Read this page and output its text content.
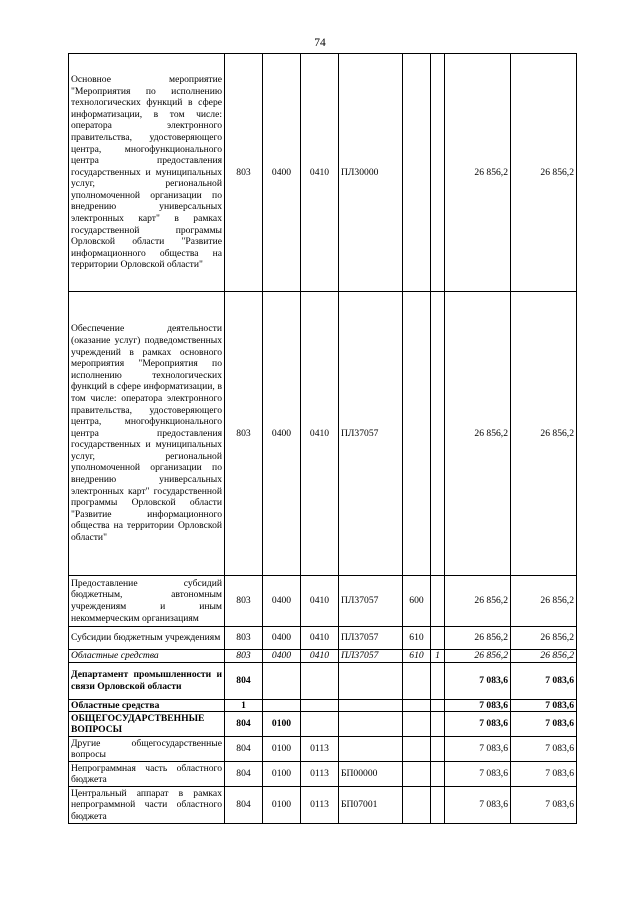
74
Основное мероприятие "Мероприятия по исполнению технологических функций в сфере информатизации, в том числе: оператора электронного правительства, удостоверяющего центра, многофункционального центра предоставления государственных и муниципальных услуг, региональной уполномоченной организации по внедрению универсальных электронных карт" в рамках государственной программы Орловской области "Развитие информационного общества на территории Орловской области"	803	0400	0410	ПЛ30000			26 856,2	26 856,2
Обеспечение деятельности (оказание услуг) подведомственных учреждений в рамках основного мероприятия "Мероприятия по исполнению технологических функций в сфере информатизации, в том числе: оператора электронного правительства, удостоверяющего центра, многофункционального центра предоставления государственных и муниципальных услуг, региональной уполномоченной организации по внедрению универсальных электронных карт" государственной программы Орловской области "Развитие информационного общества на территории Орловской области"	803	0400	0410	ПЛ37057			26 856,2	26 856,2
Предоставление субсидий бюджетным, автономным учреждениям и иным некоммерческим организациям	803	0400	0410	ПЛ37057	600		26 856,2	26 856,2
Субсидии бюджетным учреждениям	803	0400	0410	ПЛ37057	610		26 856,2	26 856,2
Областные средства	803	0400	0410	ПЛ37057	610	1	26 856,2	26 856,2
Департамент промышленности и связи Орловской области	804						7 083,6	7 083,6
Областные средства	1						7 083,6	7 083,6
ОБЩЕГОСУДАРСТВЕННЫЕ ВОПРОСЫ	804	0100					7 083,6	7 083,6
Другие общегосударственные вопросы	804	0100	0113				7 083,6	7 083,6
Непрограммная часть областного бюджета	804	0100	0113	БП00000			7 083,6	7 083,6
Центральный аппарат в рамках непрограммной части областного бюджета	804	0100	0113	БП07001			7 083,6	7 083,6
